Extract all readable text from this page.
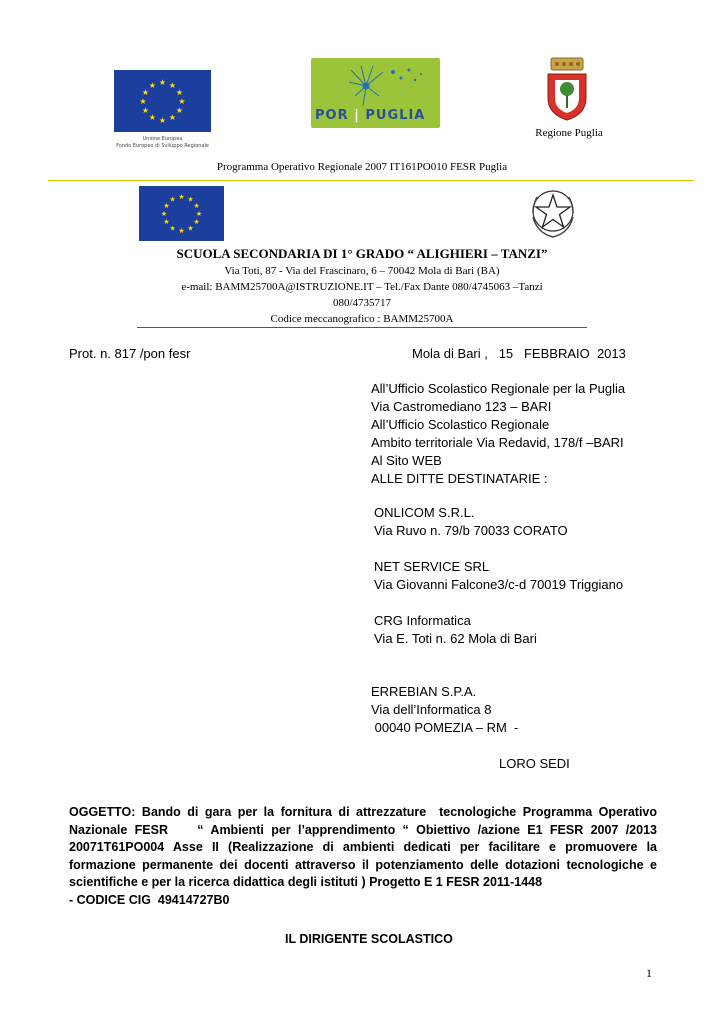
★ ★
★
★
★
★
★
★
★
★
★
★
Unione Europea
Fondo Europeo di Sviluppo Regionale
POR | PUGLIA
Regione Puglia
Programma Operativo Regionale 2007 IT161PO010 FESR Puglia
★ ★
★
★
★
★
★
★
★
★
★
★
SCUOLA SECONDARIA DI 1° GRADO “ ALIGHIERI – TANZI”
Via Toti, 87 - Via del Frascinaro, 6 – 70042 Mola di Bari (BA)
e-mail: BAMM25700A@ISTRUZIONE.IT – Tel./Fax Dante 080/4745063 –Tanzi
080/4735717
Codice meccanografico : BAMM25700A
Prot. n. 817 /pon fesr	Mola di Bari ,   15   FEBBRAIO  2013
All’Ufficio Scolastico Regionale per la Puglia
Via Castromediano 123 – BARI
All’Ufficio Scolastico Regionale
Ambito territoriale Via Redavid, 178/f –BARI
Al Sito WEB
ALLE DITTE DESTINATARIE :
ONLICOM S.R.L.
Via Ruvo n. 79/b 70033 CORATO
NET SERVICE SRL
Via Giovanni Falcone3/c-d 70019 Triggiano
CRG Informatica
Via E. Toti n. 62 Mola di Bari
ERREBIAN S.P.A.
Via dell’Informatica 8
00040 POMEZIA – RM  -
LORO SEDI
OGGETTO: Bando di gara per la fornitura di attrezzature  tecnologiche Programma Operativo
Nazionale FESR    “ Ambienti per l’apprendimento “ Obiettivo /azione E1 FESR 2007 /2013
20071T61PO004 Asse II (Realizzazione di ambienti dedicati per facilitare e promuovere la
formazione permanente dei docenti attraverso il potenziamento delle dotazioni tecnologiche e
scientifiche e per la ricerca didattica degli istituti ) Progetto E 1 FESR 2011-1448
- CODICE CIG  49414727B0
IL DIRIGENTE SCOLASTICO
1
